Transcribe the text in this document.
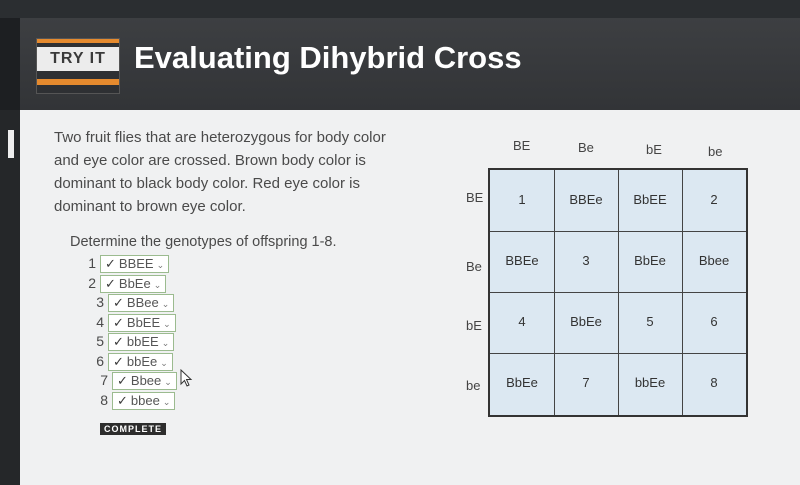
TRY IT Evaluating Dihybrid Cross
Two fruit flies that are heterozygous for body color
and eye color are crossed. Brown body color is
dominant to black body color. Red eye color is
dominant to brown eye color.
Determine the genotypes of offspring 1-8.
1 ✓ BBEE ⌄
2 ✓ BbEe ⌄
3 ✓ BBee ⌄
4 ✓ BbEE ⌄
5 ✓ bbEE ⌄
6 ✓ bbEe ⌄
7 ✓ Bbee ⌄
8 ✓ bbee ⌄
COMPLETE
BE	Be	bE	be
BE
Be
bE
be
1	BBEe	BbEE	2
BBEe	3	BbEe	Bbee
4	BbEe	5	6
BbEe	7	bbEe	8
